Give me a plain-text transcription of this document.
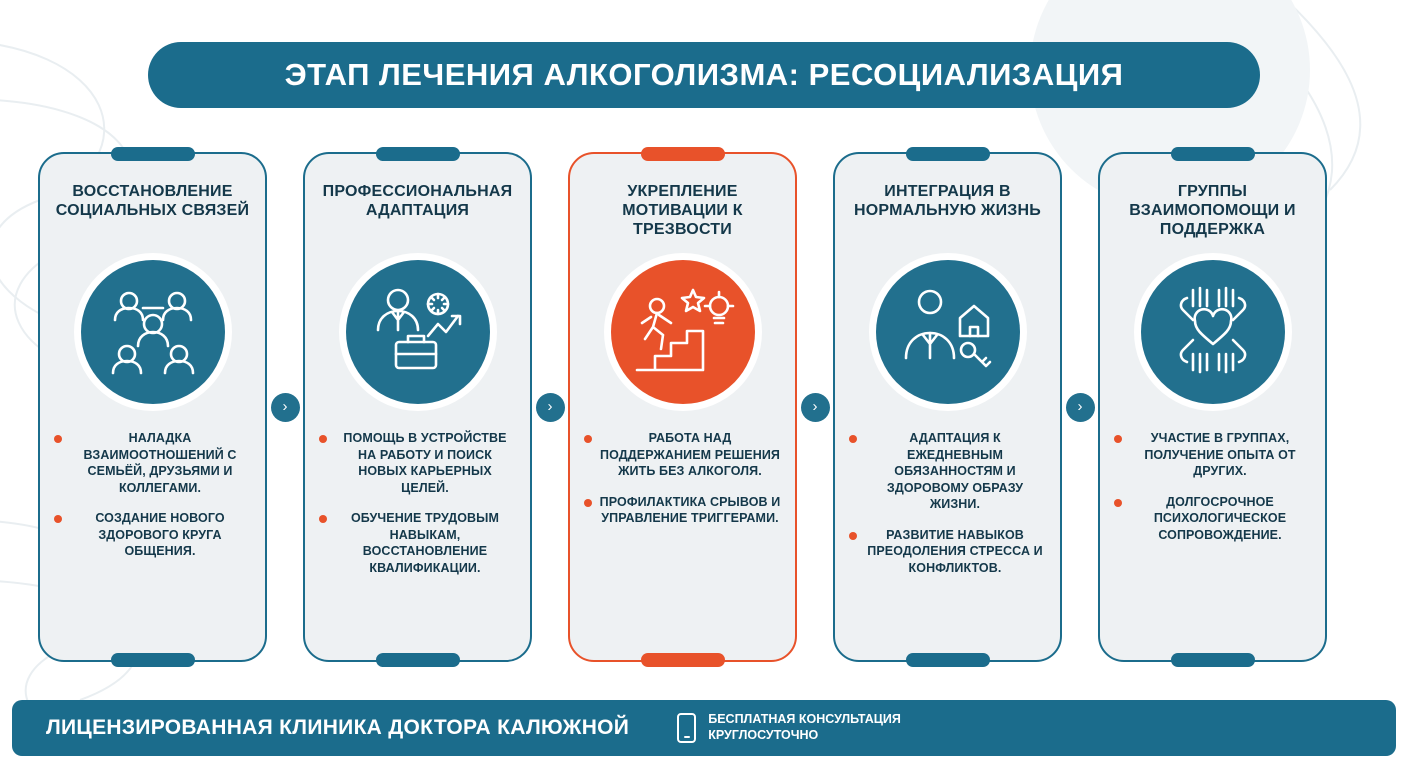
ЭТАП ЛЕЧЕНИЯ АЛКОГОЛИЗМА: РЕСОЦИАЛИЗАЦИЯ
ВОССТАНОВЛЕНИЕ СОЦИАЛЬНЫХ СВЯЗЕЙ
НАЛАДКА ВЗАИМООТНОШЕНИЙ С СЕМЬЁЙ, ДРУЗЬЯМИ И КОЛЛЕГАМИ.
СОЗДАНИЕ НОВОГО ЗДОРОВОГО КРУГА ОБЩЕНИЯ.
›
ПРОФЕССИОНАЛЬНАЯ АДАПТАЦИЯ
ПОМОЩЬ В УСТРОЙСТВЕ НА РАБОТУ И ПОИСК НОВЫХ КАРЬЕРНЫХ ЦЕЛЕЙ.
ОБУЧЕНИЕ ТРУДОВЫМ НАВЫКАМ, ВОССТАНОВЛЕНИЕ КВАЛИФИКАЦИИ.
›
УКРЕПЛЕНИЕ МОТИВАЦИИ К ТРЕЗВОСТИ
РАБОТА НАД ПОДДЕРЖАНИЕМ РЕШЕНИЯ ЖИТЬ БЕЗ АЛКОГОЛЯ.
ПРОФИЛАКТИКА СРЫВОВ И УПРАВЛЕНИЕ ТРИГГЕРАМИ.
›
ИНТЕГРАЦИЯ В НОРМАЛЬНУЮ ЖИЗНЬ
АДАПТАЦИЯ К ЕЖЕДНЕВНЫМ ОБЯЗАННОСТЯМ И ЗДОРОВОМУ ОБРАЗУ ЖИЗНИ.
РАЗВИТИЕ НАВЫКОВ ПРЕОДОЛЕНИЯ СТРЕССА И КОНФЛИКТОВ.
›
ГРУППЫ ВЗАИМОПОМОЩИ И ПОДДЕРЖКА
УЧАСТИЕ В ГРУППАХ, ПОЛУЧЕНИЕ ОПЫТА ОТ ДРУГИХ.
ДОЛГОСРОЧНОЕ ПСИХОЛОГИЧЕСКОЕ СОПРОВОЖДЕНИЕ.
ЛИЦЕНЗИРОВАННАЯ КЛИНИКА ДОКТОРА КАЛЮЖНОЙ	БЕСПЛАТНАЯ КОНСУЛЬТАЦИЯ
КРУГЛОСУТОЧНО
